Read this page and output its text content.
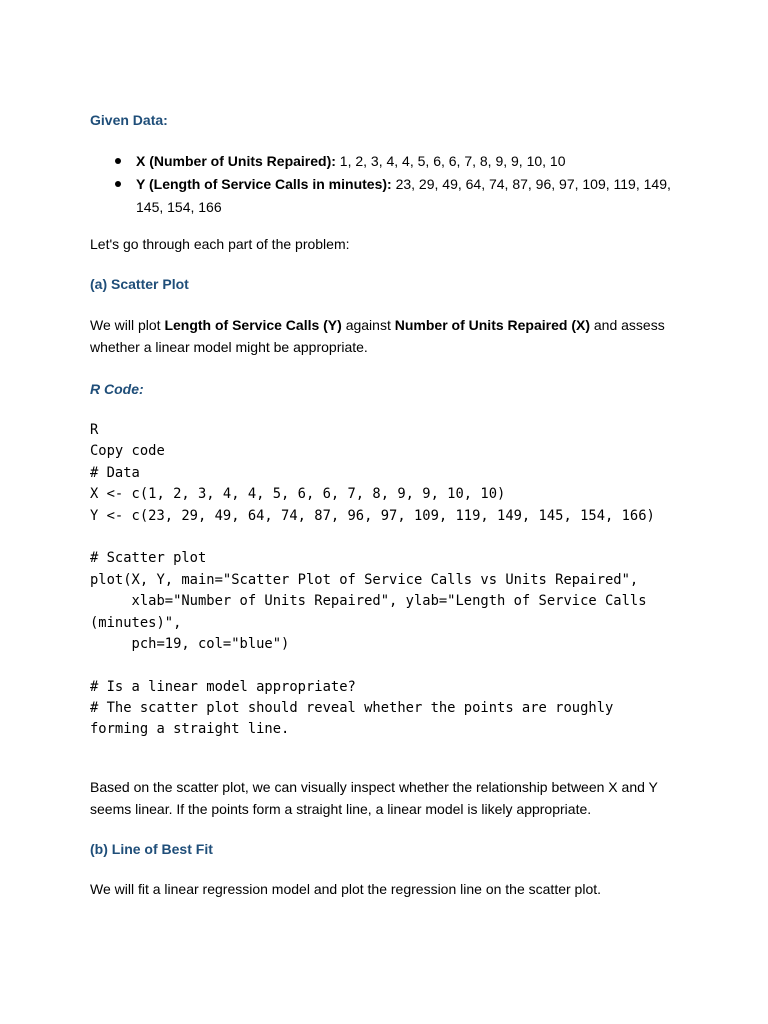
Given Data:

X (Number of Units Repaired): 1, 2, 3, 4, 4, 5, 6, 6, 7, 8, 9, 9, 10, 10
Y (Length of Service Calls in minutes): 23, 29, 49, 64, 74, 87, 96, 97, 109, 119, 149, 145, 154, 166

Let's go through each part of the problem:

(a) Scatter Plot

We will plot Length of Service Calls (Y) against Number of Units Repaired (X) and assess whether a linear model might be appropriate.

R Code:

R
Copy code
# Data
X <- c(1, 2, 3, 4, 4, 5, 6, 6, 7, 8, 9, 9, 10, 10)
Y <- c(23, 29, 49, 64, 74, 87, 96, 97, 109, 119, 149, 145, 154, 166)
# Scatter plot
plot(X, Y, main="Scatter Plot of Service Calls vs Units Repaired",
xlab="Number of Units Repaired", ylab="Length of Service Calls
(minutes)",
pch=19, col="blue")
# Is a linear model appropriate?
# The scatter plot should reveal whether the points are roughly
forming a straight line.

Based on the scatter plot, we can visually inspect whether the relationship between X and Y seems linear. If the points form a straight line, a linear model is likely appropriate.

(b) Line of Best Fit

We will fit a linear regression model and plot the regression line on the scatter plot.
